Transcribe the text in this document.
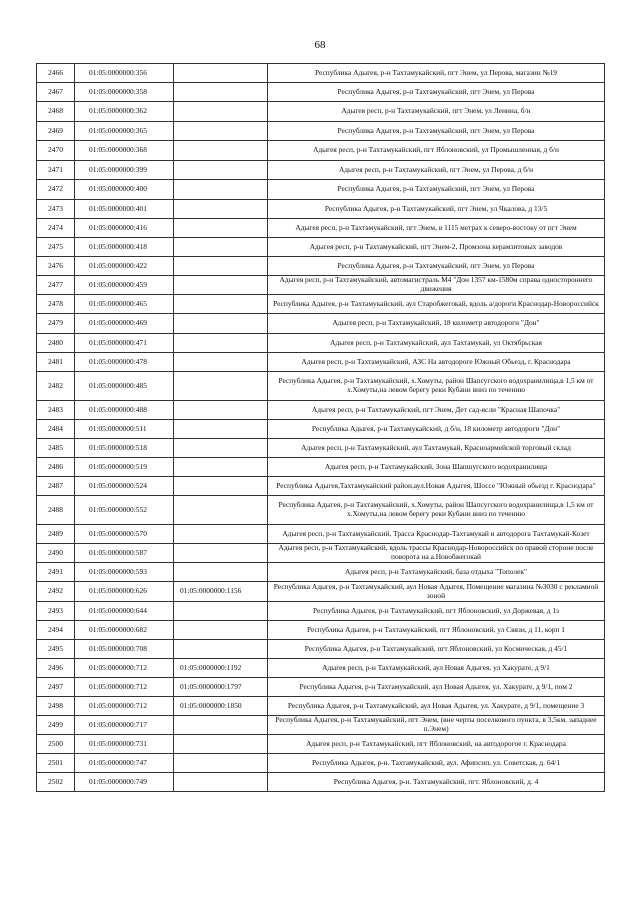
68
2466	01:05:0000000:356		Республика Адыгея, р-н Тахтамукайский, пгт Энем, ул Перова, магазин №19
2467	01:05:0000000:358		Республика Адыгея, р-н Тахтамукайский, пгт Энем, ул Перова
2468	01:05:0000000:362		Адыгея респ, р-н Тахтамукайский, пгт Энем, ул Ленина, б/н
2469	01:05:0000000:365		Республика Адыгея, р-н Тахтамукайский, пгт Энем, ул Перова
2470	01:05:0000000:368		Адыгея респ, р-н Тахтамукайский, пгт Яблоновский, ул Промышленная, д б/н
2471	01:05:0000000:399		Адыгея респ, р-н Тахтамукайский, пгт Энем, ул Перова, д б/н
2472	01:05:0000000:400		Республика Адыгея, р-н Тахтамукайский, пгт Энем, ул Перова
2473	01:05:0000000:401		Республика Адыгея, р-н Тахтамукайский, пгт Энем, ул Чкалова, д 13/5
2474	01:05:0000000:416		Адыгея респ, р-н Тахтамукайский, пгт Энем, в 1115 метрах к северо-востоку от пгт Энем
2475	01:05:0000000:418		Адыгея респ, р-н Тахтамукайский, пгт Энем-2, Промзона керамзитовых заводов
2476	01:05:0000000:422		Республика Адыгея, р-н Тахтамукайский, пгт Энем, ул Перова
2477	01:05:0000000:459		Адыгея респ, р-н Тахтамукайский, автомагистраль М4 "Дон 1357 км-1580м справа одностороннего движения
2478	01:05:0000000:465		Республика Адыгея, р-н Тахтамукайский, аул Старобжегокай, вдоль а/дороги Краснодар-Новороссийск
2479	01:05:0000000:469		Адыгея респ, р-н Тахтамукайский, 18 километр автодороги "Дон"
2480	01:05:0000000:471		Адыгея респ, р-н Тахтамукайский, аул Тахтамукай, ул Октябрьская
2481	01:05:0000000:478		Адыгея респ, р-н Тахтамукайский, АЗС На автодороге Южный Обьезд, г. Краснодара
2482	01:05:0000000:485		Республика Адыгея, р-н Тахтамукайский, х.Хомуты, район Шапсугского водохранилища,в 1,5 км от х.Хомуты,на левом берегу реки Кубани вниз по течению
2483	01:05:0000000:488		Адыгея респ, р-н Тахтамукайский, пгт Энем, Дет сад-ясли "Красная Шапочка"
2484	01:05:0000000:511		Республика Адыгея, р-н Тахтамукайский, д б/н, 18 километр автодороги "Дон"
2485	01:05:0000000:518		Адыгея респ, р-н Тахтамукайский, аул Тахтамукай, Красноармейской торговый склад
2486	01:05:0000000:519		Адыгея респ, р-н Тахтамукайский, Зона Шапшугского водохранилища
2487	01:05:0000000:524		Республика Адыгея,Тахтамукайский район,аул.Новая Адыгея, Шоссе "Южный обьезд г. Краснодара"
2488	01:05:0000000:552		Республика Адыгея, р-н Тахтамукайский, х.Хомуты, район Шапсугского водохранилища,в 1,5 км от х.Хомуты,на левом берегу реки Кубани вниз по течению
2489	01:05:0000000:570		Адыгея респ, р-н Тахтамукайский, Трасса Краснодар-Тахтамукай и автодорога Тахтамукай-Козет
2490	01:05:0000000:587		Адыгея респ, р-н Тахтамукайский, вдоль трассы Краснодар-Новороссийск по правой стороне после поворота на а.Новобжегокай
2491	01:05:0000000:593		Адыгея респ, р-н Тахтамукайский, база отдыха "Тополек"
2492	01:05:0000000:626	01:05:0000000:1156	Республика Адыгея, р-н Тахтамукайский, аул Новая Адыгея, Помещение магазина №3030 с рекламной зоной
2493	01:05:0000000:644		Республика Адыгея, р-н Тахтамукайский, пгт Яблоновский, ул Доржевая, д 1з
2494	01:05:0000000:682		Республика Адыгея, р-н Тахтамукайский, пгт Яблоновский, ул Связи, д 11, корп 1
2495	01:05:0000000:708		Республика Адыгея, р-н Тахтамукайский, пгт Яблоновский, ул Космическая, д 45/1
2496	01:05:0000000:712	01:05:0000000:1192	Адыгея респ, р-н Тахтамукайский, аул Новая Адыгея, ул Хакурате, д 9/1
2497	01:05:0000000:712	01:05:0000000:1797	Республика Адыгея, р-н Тахтамукайский, аул Новая Адыгея, ул. Хакурате, д 9/1, пом 2
2498	01:05:0000000:712	01:05:0000000:1850	Республика Адыгея, р-н Тахтамукайский, аул Новая Адыгея, ул. Хакурате, д 9/1, помещение 3
2499	01:05:0000000:717		Республика Адыгея, р-н Тахтамукайский, пгт Энем, (вне черты поселкового пункта, в 3,5км. западнее п.Энем)
2500	01:05:0000000:731		Адыгея респ, р-н Тахтамукайский, пгт Яблоновский, на автодорогое г. Краснодара
2501	01:05:0000000:747		Республика Адыгея, р-н. Тахтамукайский, аул. Афипсип, ул. Советская, д. 64/1
2502	01:05:0000000:749		Республика Адыгея, р-н. Тахтамукайский, пгт. Яблоновский, д. 4
